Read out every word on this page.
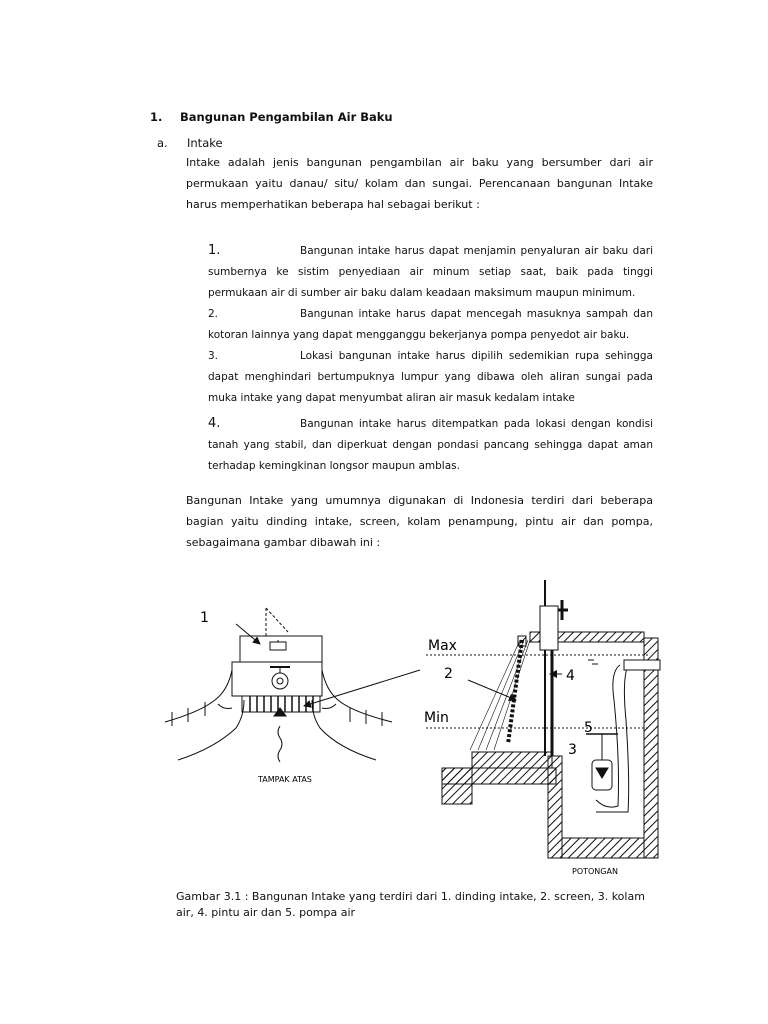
1. Bangunan Pengambilan Air Baku
a. Intake
Intake adalah jenis bangunan pengambilan air baku yang bersumber dari air permukaan yaitu danau/ situ/ kolam dan sungai. Perencanaan bangunan Intake harus memperhatikan beberapa hal sebagai berikut :
1.	Bangunan intake harus dapat menjamin penyaluran air baku dari sumbernya ke sistim penyediaan air minum setiap saat, baik pada tinggi permukaan air di sumber air baku dalam keadaan maksimum maupun minimum.
2.	Bangunan intake harus dapat mencegah masuknya sampah dan kotoran lainnya yang dapat mengganggu bekerjanya pompa penyedot air baku.
3.	Lokasi bangunan intake harus dipilih sedemikian rupa sehingga dapat menghindari bertumpuknya lumpur yang dibawa oleh aliran sungai pada muka intake yang dapat menyumbat aliran air masuk kedalam intake
4.	Bangunan intake harus ditempatkan pada lokasi dengan kondisi tanah yang stabil, dan diperkuat dengan pondasi pancang sehingga dapat aman terhadap kemingkinan longsor maupun amblas.
Bangunan Intake yang umumnya digunakan di Indonesia terdiri dari beberapa bagian yaitu dinding intake, screen, kolam penampung, pintu air dan pompa, sebagaimana gambar dibawah ini :
1
TAMPAK ATAS
Max
Min
2	4
5
3
POTONGAN
Gambar 3.1 : Bangunan Intake yang terdiri dari 1. dinding intake, 2. screen, 3. kolam air, 4. pintu air dan 5. pompa air
